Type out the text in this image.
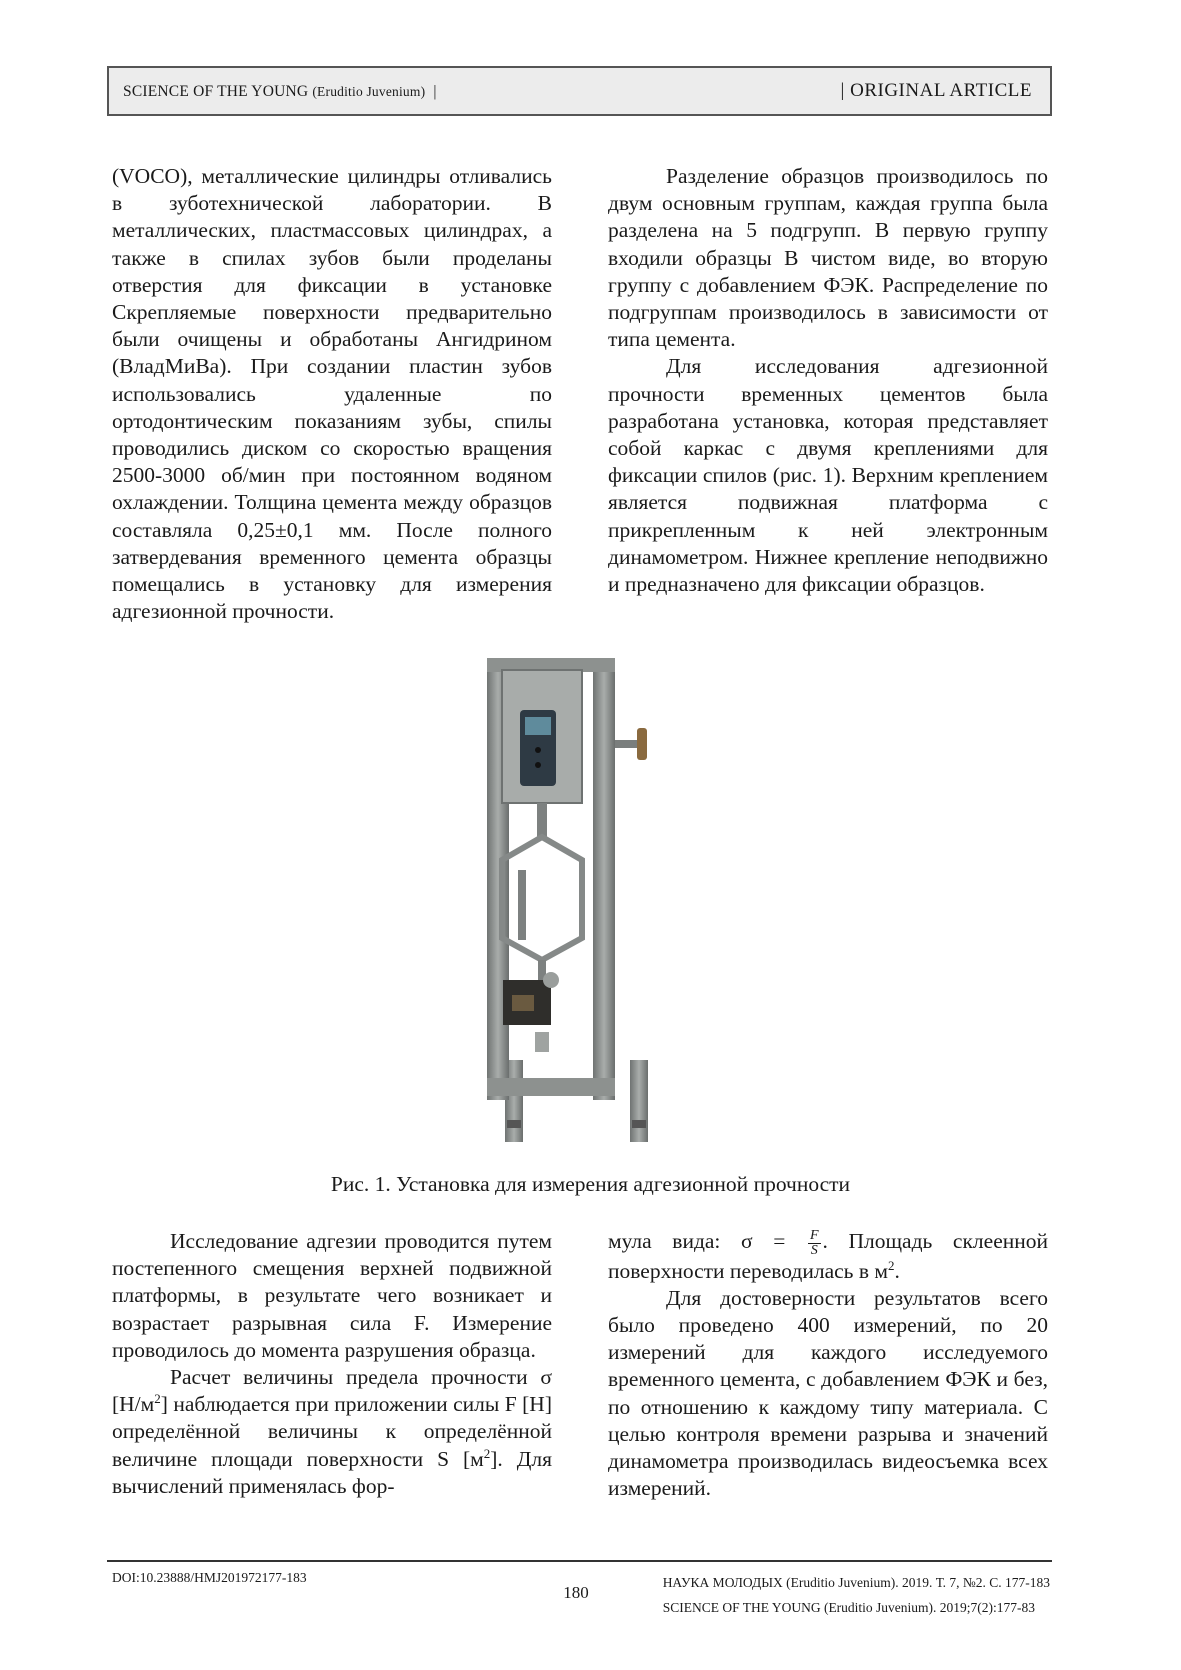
SCIENCE OF THE YOUNG (Eruditio Juvenium) |	| ORIGINAL ARTICLE

(VOCO), металлические цилиндры отливались в зуботехнической лаборатории. В металлических, пластмассовых цилиндрах, а также в спилах зубов были проделаны отверстия для фиксации в установке Скрепляемые поверхности предварительно были очищены и обработаны Ангидрином (ВладМиВа). При создании пластин зубов использовались удаленные по ортодонтическим показаниям зубы, спилы проводились диском со скоростью вращения 2500-3000 об/мин при постоянном водяном охлаждении. Толщина цемента между образцов составляла 0,25±0,1 мм. После полного затвердевания временного цемента образцы помещались в установку для измерения адгезионной прочности.

Разделение образцов производилось по двум основным группам, каждая группа была разделена на 5 подгрупп. В первую группу входили образцы В чистом виде, во вторую группу с добавлением ФЭК. Распределение по подгруппам производилось в зависимости от типа цемента.

Для исследования адгезионной прочности временных цементов была разработана установка, которая представляет собой каркас с двумя креплениями для фиксации спилов (рис. 1). Верхним креплением является подвижная платформа с прикрепленным к ней электронным динамометром. Нижнее крепление неподвижно и предназначено для фиксации образцов.

Рис. 1. Установка для измерения адгезионной прочности

Исследование адгезии проводится путем постепенного смещения верхней подвижной платформы, в результате чего возникает и возрастает разрывная сила F. Измерение проводилось до момента разрушения образца.

Расчет величины предела прочности σ $[Н/м^2]$ наблюдается при приложении силы F [Н] определённой величины к определённой величине площади поверхности S $[м^2]$. Для вычислений применялась фор-

мула вида: $\sigma = \frac{F}{S}$ . Площадь склеенной поверхности переводилась в $м^2$.

Для достоверности результатов всего было проведено 400 измерений, по 20 измерений для каждого исследуемого временного цемента, с добавлением ФЭК и без, по отношению к каждому типу материала. С целью контроля времени разрыва и значений динамометра производилась видеосъемка всех измерений.

DOI:10.23888/HMJ201972177-183
180
НАУКА МОЛОДЫХ (Eruditio Juvenium). 2019. Т. 7, №2. С. 177-183
SCIENCE OF THE YOUNG (Eruditio Juvenium). 2019;7(2):177-83
